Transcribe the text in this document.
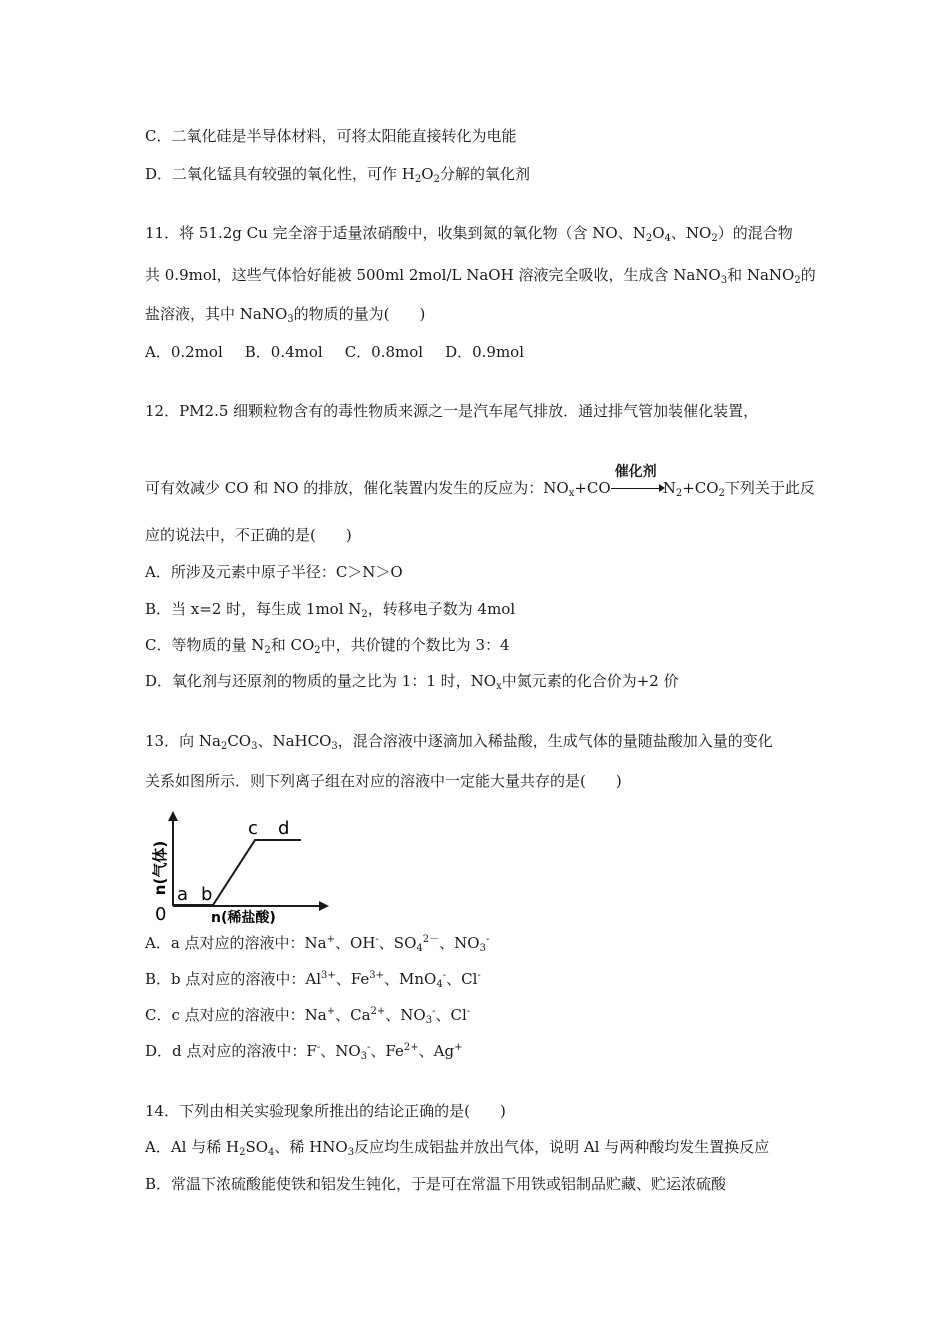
C．二氧化硅是半导体材料，可将太阳能直接转化为电能
D．二氧化锰具有较强的氧化性，可作 $H_2O_2$分解的氧化剂
11．将 51.2g Cu 完全溶于适量浓硝酸中，收集到氮的氧化物（含 NO、$N_2O_4$、$NO_2$）的混合物
共 0.9mol，这些气体恰好能被 500ml 2mol/L NaOH 溶液完全吸收，生成含 NaNO$_3$和 NaNO$_2$的
盐溶液，其中 NaNO$_3$的物质的量为(　　)
A．0.2mol B．0.4mol C．0.8mol D．0.9mol
12．PM2.5 细颗粒物含有的毒性物质来源之一是汽车尾气排放．通过排气管加装催化装置，
可有效减少 CO 和 NO 的排放，催化装置内发生的反应为：$NO_x+CO$
催化剂
$N_2+CO_2$下列关于此反
应的说法中，不正确的是(　　)
A．所涉及元素中原子半径：C＞N＞O
B．当 x=2 时，每生成 1mol $N_2$，转移电子数为 4mol
C．等物质的量 $N_2$和 $CO_2$中，共价键的个数比为 3：4
D．氧化剂与还原剂的物质的量之比为 1：1 时，$NO_x$中氮元素的化合价为+2 价
13．向 $Na_2CO_3$、NaHCO$_3$，混合溶液中逐滴加入稀盐酸，生成气体的量随盐酸加入量的变化
关系如图所示．则下列离子组在对应的溶液中一定能大量共存的是(　　)
n(气体)
n(稀盐酸)
0
a b
c d
A．a 点对应的溶液中：Na+、OH-、$SO_4^{2-}$、$NO_3^-$
B．b 点对应的溶液中：$Al^{3+}$、$Fe^{3+}$、MnO$_4$-、Cl-
C．c 点对应的溶液中：Na+、$Ca^{2+}$、$NO_3^-$、Cl-
D．d 点对应的溶液中：F-、$NO_3^-$、$Fe^{2+}$、Ag+
14．下列由相关实验现象所推出的结论正确的是(　　)
A．Al 与稀 $H_2SO_4$、稀 $HNO_3$反应均生成铝盐并放出气体，说明 Al 与两种酸均发生置换反应
B．常温下浓硫酸能使铁和铝发生钝化，于是可在常温下用铁或铝制品贮藏、贮运浓硫酸
